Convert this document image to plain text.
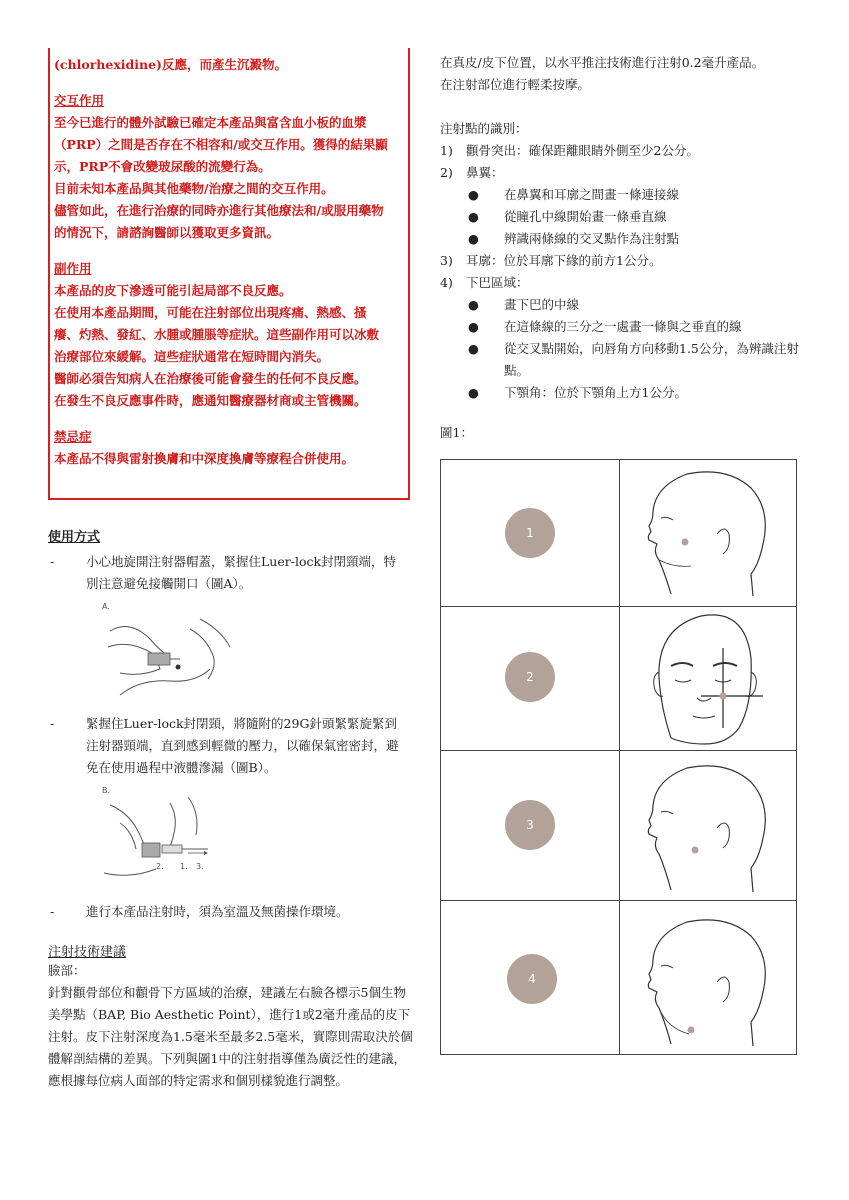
(chlorhexidine)反應，而產生沉澱物。

交互作用

至今已進行的體外試驗已確定本產品與富含血小板的血漿

（PRP）之間是否存在不相容和/或交互作用。獲得的結果顯

示，PRP不會改變玻尿酸的流變行為。

目前未知本產品與其他藥物/治療之間的交互作用。

儘管如此，在進行治療的同時亦進行其他療法和/或服用藥物

的情況下，請諮詢醫師以獲取更多資訊。

副作用

本產品的皮下滲透可能引起局部不良反應。

在使用本產品期間，可能在注射部位出現疼痛、熱感、搔

癢、灼熱、發紅、水腫或腫脹等症狀。這些副作用可以冰敷

治療部位來緩解。這些症狀通常在短時間內消失。

醫師必須告知病人在治療後可能會發生的任何不良反應。

在發生不良反應事件時，應通知醫療器材商或主管機關。

禁忌症

本產品不得與雷射換膚和中深度換膚等療程合併使用。

使用方式
-	小心地旋開注射器帽蓋，緊握住Luer-lock封閉頸端，特別注意避免接觸開口（圖A）。
A.
-	緊握住Luer-lock封閉頸，將隨附的29G針頭緊緊旋緊到注射器頸端，直到感到輕微的壓力，以確保氣密密封，避免在使用過程中液體滲漏（圖B）。
B.
2. 1. 3.
-	進行本產品注射時，須為室溫及無菌操作環境。
注射技術建議
臉部：
針對顴骨部位和顴骨下方區域的治療，建議左右臉各標示5個生物美學點（BAP, Bio Aesthetic Point），進行1或2毫升產品的皮下注射。皮下注射深度為1.5毫米至最多2.5毫米，實際則需取決於個體解剖結構的差異。下列與圖1中的注射指導僅為廣泛性的建議，應根據每位病人面部的特定需求和個別樣貌進行調整。

在真皮/皮下位置，以水平推注技術進行注射0.2毫升產品。

在注射部位進行輕柔按摩。

注射點的識別：

1)	顴骨突出：確保距離眼睛外側至少2公分。
2)	鼻翼：
●	在鼻翼和耳廓之間畫一條連接線
●	從瞳孔中線開始畫一條垂直線
●	辨識兩條線的交叉點作為注射點
3)	耳廓：位於耳廓下緣的前方1公分。
4)	下巴區域：
●	畫下巴的中線
●	在這條線的三分之一處畫一條與之垂直的線
●	從交叉點開始，向唇角方向移動1.5公分，為辨識注射點。
●	下顎角：位於下顎角上方1公分。

圖1：

1
2
3
4
